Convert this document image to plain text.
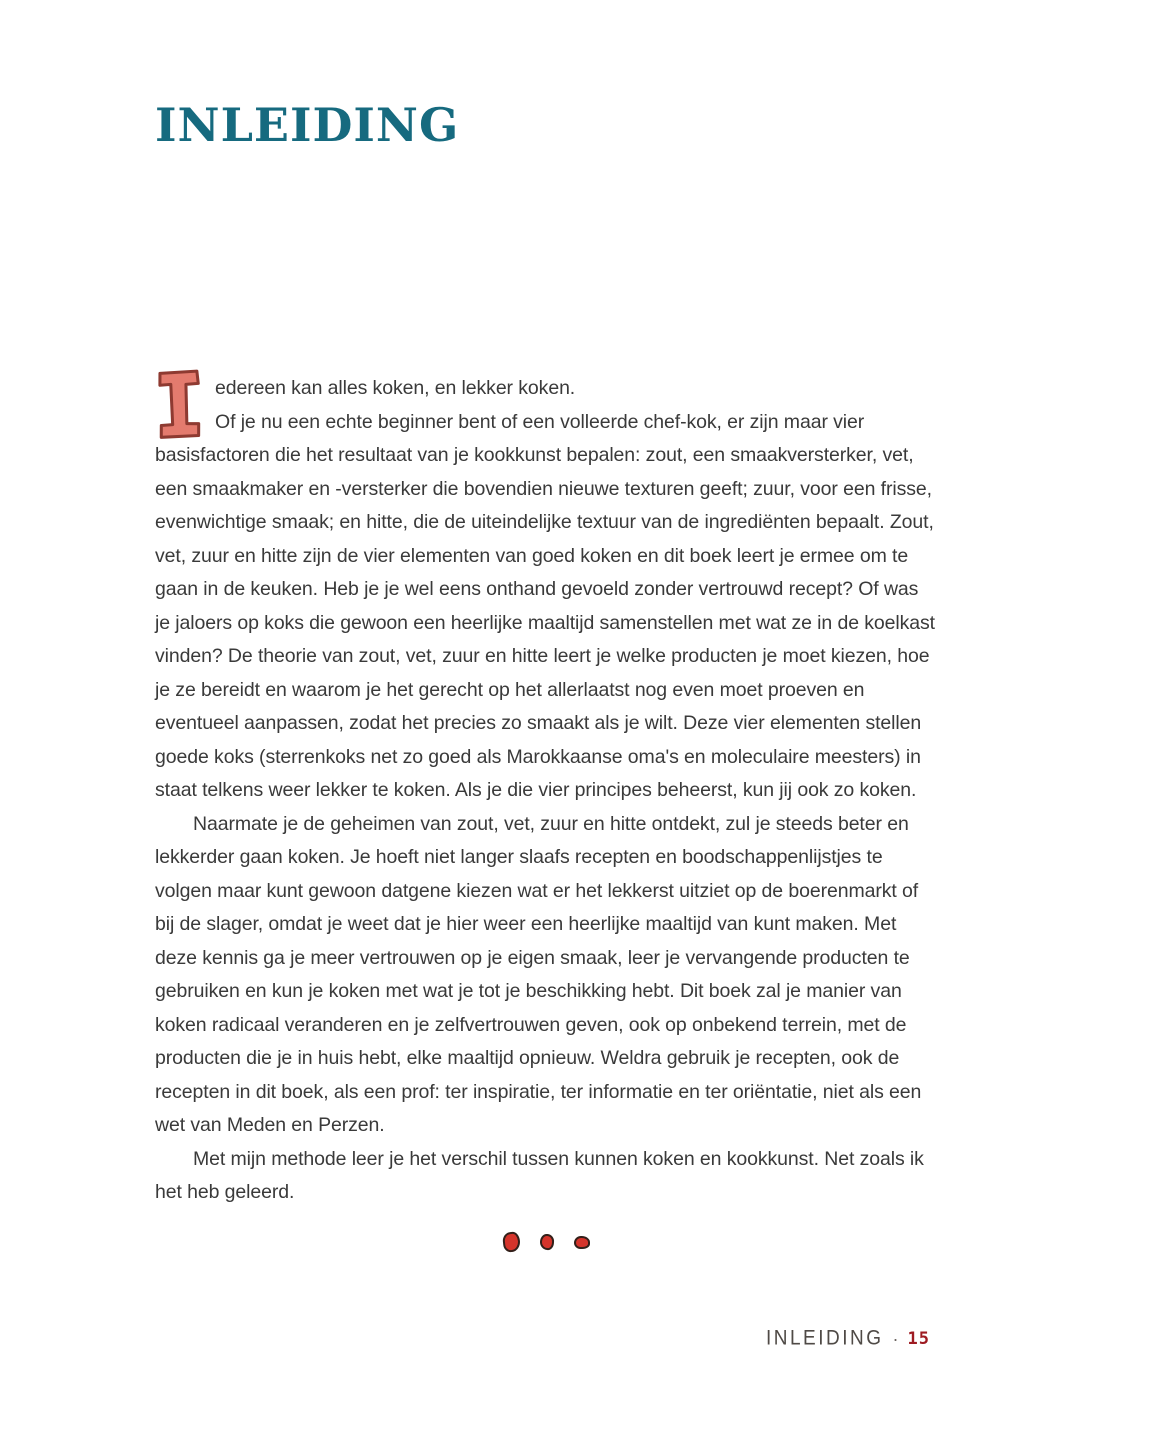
INLEIDING
edereen kan alles koken, en lekker koken.
Of je nu een echte beginner bent of een volleerde chef-kok, er zijn maar vier basisfactoren die het resultaat van je kookkunst bepalen: zout, een smaakversterker, vet, een smaakmaker en -versterker die bovendien nieuwe texturen geeft; zuur, voor een frisse, evenwichtige smaak; en hitte, die de uiteindelijke textuur van de ingrediënten bepaalt. Zout, vet, zuur en hitte zijn de vier elementen van goed koken en dit boek leert je ermee om te gaan in de keuken. Heb je je wel eens onthand gevoeld zonder vertrouwd recept? Of was je jaloers op koks die gewoon een heerlijke maaltijd samenstellen met wat ze in de koelkast vinden? De theorie van zout, vet, zuur en hitte leert je welke producten je moet kiezen, hoe je ze bereidt en waarom je het gerecht op het allerlaatst nog even moet proeven en eventueel aanpassen, zodat het precies zo smaakt als je wilt. Deze vier elementen stellen goede koks (sterrenkoks net zo goed als Marokkaanse oma's en moleculaire meesters) in staat telkens weer lekker te koken. Als je die vier principes beheerst, kun jij ook zo koken.

Naarmate je de geheimen van zout, vet, zuur en hitte ontdekt, zul je steeds beter en lekkerder gaan koken. Je hoeft niet langer slaafs recepten en boodschappenlijstjes te volgen maar kunt gewoon datgene kiezen wat er het lekkerst uitziet op de boerenmarkt of bij de slager, omdat je weet dat je hier weer een heerlijke maaltijd van kunt maken. Met deze kennis ga je meer vertrouwen op je eigen smaak, leer je vervangende producten te gebruiken en kun je koken met wat je tot je beschikking hebt. Dit boek zal je manier van koken radicaal veranderen en je zelfvertrouwen geven, ook op onbekend terrein, met de producten die je in huis hebt, elke maaltijd opnieuw. Weldra gebruik je recepten, ook de recepten in dit boek, als een prof: ter inspiratie, ter informatie en ter oriëntatie, niet als een wet van Meden en Perzen.

Met mijn methode leer je het verschil tussen kunnen koken en kookkunst. Net zoals ik het heb geleerd.

INLEIDING · 15
